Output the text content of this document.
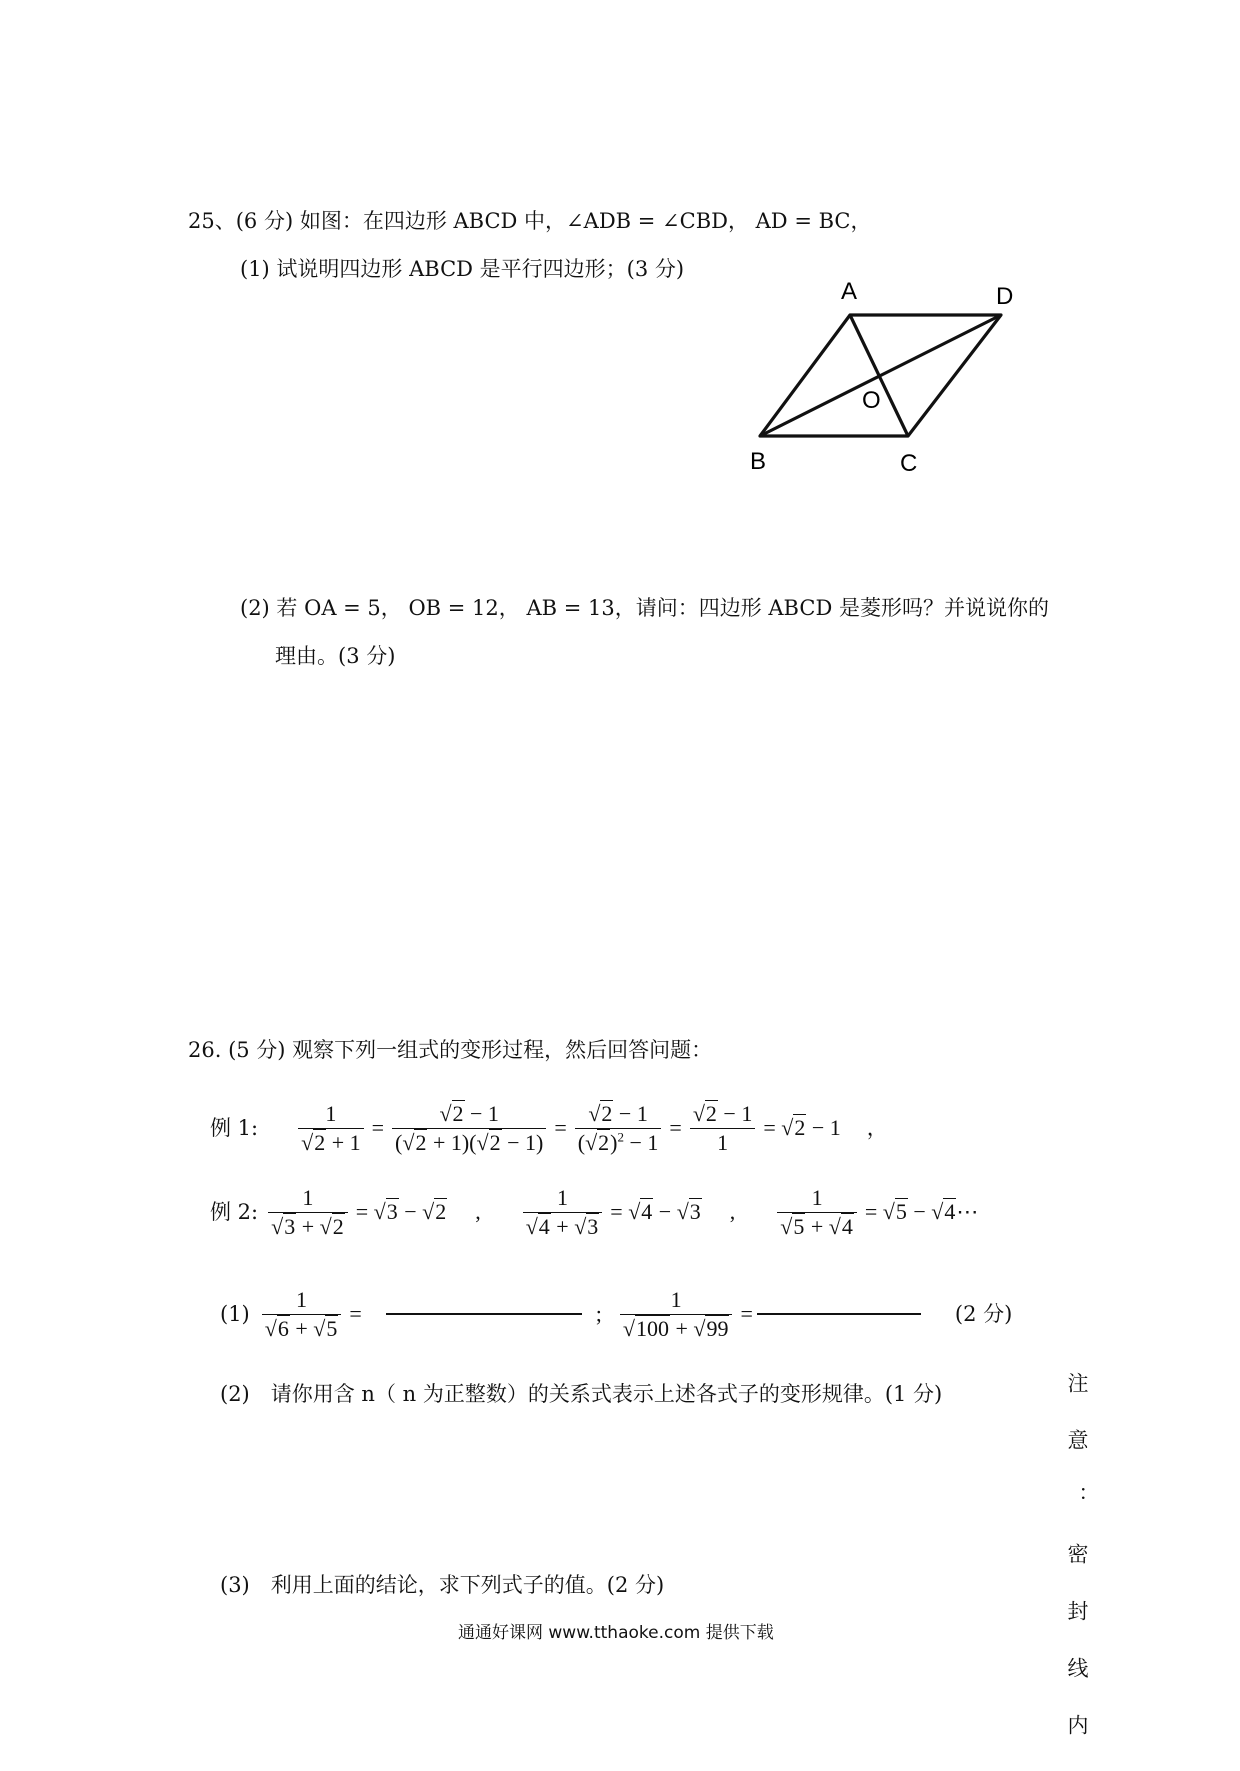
25、(6 分) 如图：在四边形 ABCD 中，∠ADB = ∠CBD， AD = BC，
(1) 试说明四边形 ABCD 是平行四边形；(3 分)
A	D
O
B	C
(2) 若 OA = 5， OB = 12， AB = 13，请问：四边形 ABCD 是菱形吗？并说说你的
理由。(3 分)
26. (5 分) 观察下列一组式的变形过程，然后回答问题：
例 1: $\frac{1}{√2 + 1} = \frac{√2 - 1}{(√2 + 1)(√2 - 1)} = \frac{√2 - 1}{(√2)^2 - 1} = \frac{√2 - 1}{1} = √2 - 1$ ，
例 2: $\frac{1}{√3 + √2} = √3 - √2$ , $\frac{1}{√4 + √3} = √4 - √3$ , $\frac{1}{√5 + √4} = √5$ − √4⋯
$(1) \frac{1}{√6 + √5}$ =	; $\frac{1}{√100 + √99}$ =	(2 分)
(2)　请你用含 n（ n 为正整数）的关系式表示上述各式子的变形规律。(1 分)
(3)　利用上面的结论，求下列式子的值。(2 分)
通通好课网 www.tthaoke.com 提供下载	注意：密封线内
